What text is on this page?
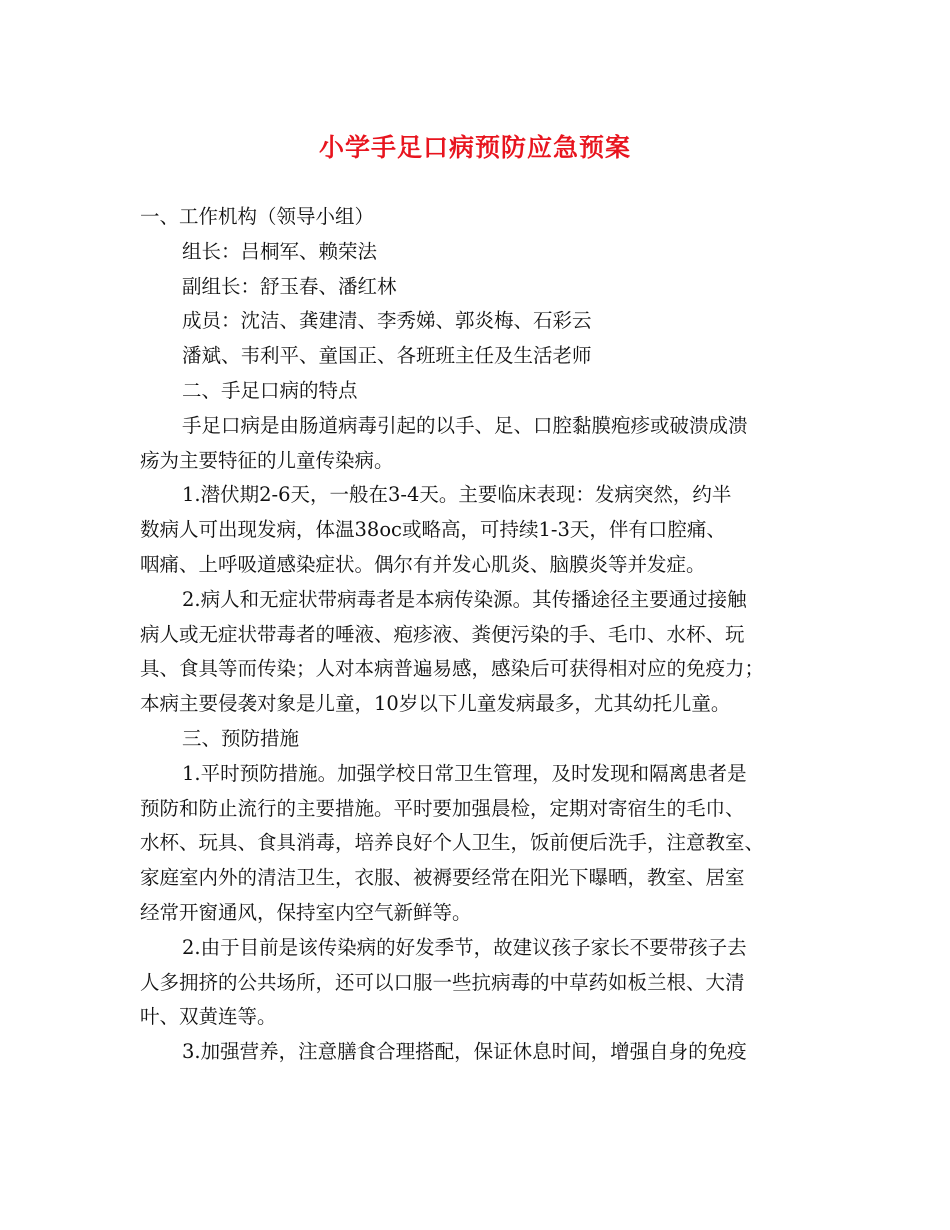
小学手足口病预防应急预案
一、工作机构（领导小组）
组长：吕桐军、赖荣法
副组长：舒玉春、潘红林
成员：沈洁、龚建清、李秀娣、郭炎梅、石彩云
潘斌、韦利平、童国正、各班班主任及生活老师
二、手足口病的特点
手足口病是由肠道病毒引起的以手、足、口腔黏膜疱疹或破溃成溃
疡为主要特征的儿童传染病。
1.潜伏期2-6天，一般在3-4天。主要临床表现：发病突然，约半
数病人可出现发病，体温38oc或略高，可持续1-3天，伴有口腔痛、
咽痛、上呼吸道感染症状。偶尔有并发心肌炎、脑膜炎等并发症。
2.病人和无症状带病毒者是本病传染源。其传播途径主要通过接触
病人或无症状带毒者的唾液、疱疹液、粪便污染的手、毛巾、水杯、玩
具、食具等而传染；人对本病普遍易感，感染后可获得相对应的免疫力；
本病主要侵袭对象是儿童，10岁以下儿童发病最多，尤其幼托儿童。
三、预防措施
1.平时预防措施。加强学校日常卫生管理，及时发现和隔离患者是
预防和防止流行的主要措施。平时要加强晨检，定期对寄宿生的毛巾、
水杯、玩具、食具消毒，培养良好个人卫生，饭前便后洗手，注意教室、
家庭室内外的清洁卫生，衣服、被褥要经常在阳光下曝晒，教室、居室
经常开窗通风，保持室内空气新鲜等。
2.由于目前是该传染病的好发季节，故建议孩子家长不要带孩子去
人多拥挤的公共场所，还可以口服一些抗病毒的中草药如板兰根、大清
叶、双黄连等。
3.加强营养，注意膳食合理搭配，保证休息时间，增强自身的免疫
